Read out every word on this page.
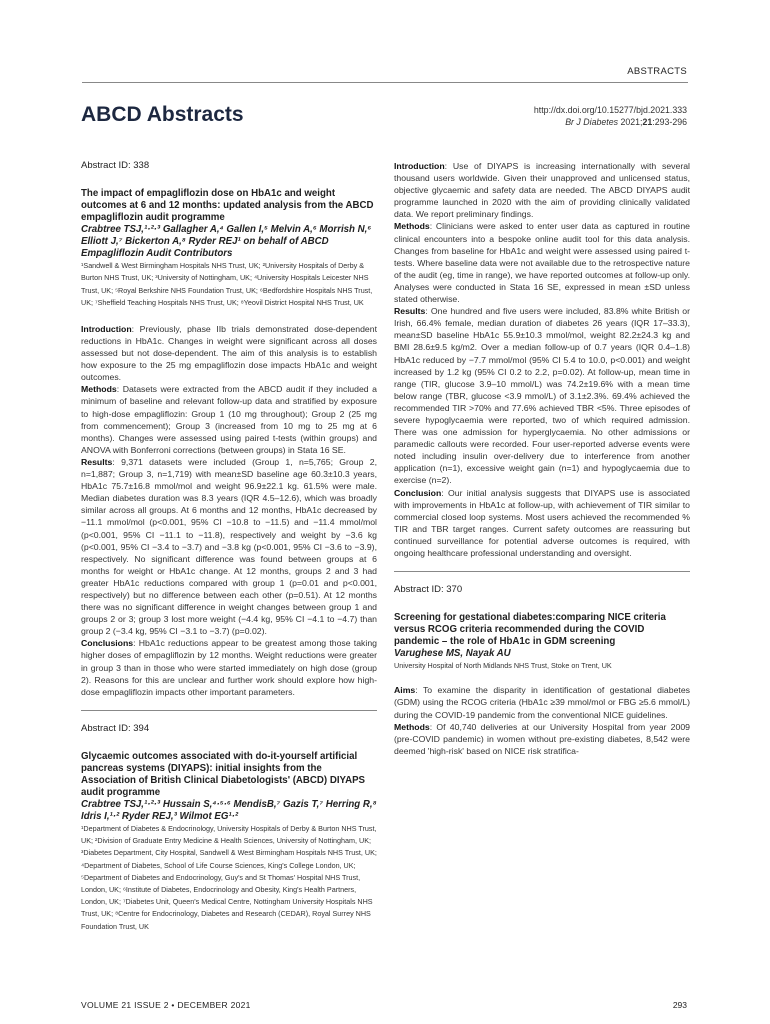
ABSTRACTS
ABCD Abstracts	http://dx.doi.org/10.15277/bjd.2021.333
Br J Diabetes 2021;21:293-296

Abstract ID: 338

The impact of empagliflozin dose on HbA1c and weight outcomes at 6 and 12 months: updated analysis from the ABCD empagliflozin audit programme

Crabtree TSJ,¹·²·³ Gallagher A,⁴ Gallen I,⁵ Melvin A,⁶ Morrish N,⁶ Elliott J,⁷ Bickerton A,⁸ Ryder REJ¹ on behalf of ABCD Empagliflozin Audit Contributors

¹Sandwell & West Birmingham Hospitals NHS Trust, UK; ²University Hospitals of Derby & Burton NHS Trust, UK; ³University of Nottingham, UK; ⁴University Hospitals Leicester NHS Trust, UK; ⁵Royal Berkshire NHS Foundation Trust, UK; ⁶Bedfordshire Hospitals NHS Trust, UK; ⁷Sheffield Teaching Hospitals NHS Trust, UK; ⁸Yeovil District Hospital NHS Trust, UK

Introduction: Previously, phase IIb trials demonstrated dose-dependent reductions in HbA1c. Changes in weight were significant across all doses assessed but not dose-dependent. The aim of this analysis is to establish how exposure to the 25 mg empagliflozin dose impacts HbA1c and weight outcomes.

Methods: Datasets were extracted from the ABCD audit if they included a minimum of baseline and relevant follow-up data and stratified by exposure to high-dose empagliflozin: Group 1 (10 mg throughout); Group 2 (25 mg from commencement); Group 3 (increased from 10 mg to 25 mg at 6 months). Changes were assessed using paired t-tests (within groups) and ANOVA with Bonferroni corrections (between groups) in Stata 16 SE.

Results: 9,371 datasets were included (Group 1, n=5,765; Group 2, n=1,887; Group 3, n=1,719) with mean±SD baseline age 60.3±10.3 years, HbA1c 75.7±16.8 mmol/mol and weight 96.9±22.1 kg. 61.5% were male. Median diabetes duration was 8.3 years (IQR 4.5–12.6), which was broadly similar across all groups. At 6 months and 12 months, HbA1c decreased by −11.1 mmol/mol (p<0.001, 95% CI −10.8 to −11.5) and −11.4 mmol/mol (p<0.001, 95% CI −11.1 to −11.8), respectively and weight by −3.6 kg (p<0.001, 95% CI −3.4 to −3.7) and −3.8 kg (p<0.001, 95% CI −3.6 to −3.9), respectively. No significant difference was found between groups at 6 months for weight or HbA1c change. At 12 months, groups 2 and 3 had greater HbA1c reductions compared with group 1 (p=0.01 and p<0.001, respectively) but no difference between each other (p=0.51). At 12 months there was no significant difference in weight changes between group 1 and groups 2 or 3; group 3 lost more weight (−4.4 kg, 95% CI −4.1 to −4.7) than group 2 (−3.4 kg, 95% CI −3.1 to −3.7) (p=0.02).

Conclusions: HbA1c reductions appear to be greatest among those taking higher doses of empagliflozin by 12 months. Weight reductions were greater in group 3 than in those who were started immediately on high dose (group 2). Reasons for this are unclear and further work should explore how high-dose empagliflozin impacts other important parameters.

Abstract ID: 394

Glycaemic outcomes associated with do-it-yourself artificial pancreas systems (DIYAPS): initial insights from the Association of British Clinical Diabetologists' (ABCD) DIYAPS audit programme

Crabtree TSJ,¹·²·³ Hussain S,⁴·⁵·⁶ MendisB,⁷ Gazis T,⁷ Herring R,⁸ Idris I,¹·² Ryder REJ,³ Wilmot EG¹·²

¹Department of Diabetes & Endocrinology, University Hospitals of Derby & Burton NHS Trust, UK; ²Division of Graduate Entry Medicine & Health Sciences, University of Nottingham, UK; ³Diabetes Department, City Hospital, Sandwell & West Birmingham Hospitals NHS Trust, UK; ⁴Department of Diabetes, School of Life Course Sciences, King's College London, UK; ⁵Department of Diabetes and Endocrinology, Guy's and St Thomas' Hospital NHS Trust, London, UK; ⁶Institute of Diabetes, Endocrinology and Obesity, King's Health Partners, London, UK; ⁷Diabetes Unit, Queen's Medical Centre, Nottingham University Hospitals NHS Trust, UK; ⁸Centre for Endocrinology, Diabetes and Research (CEDAR), Royal Surrey NHS Foundation Trust, UK

Introduction: Use of DIYAPS is increasing internationally with several thousand users worldwide. Given their unapproved and unlicensed status, objective glycaemic and safety data are needed. The ABCD DIYAPS audit programme launched in 2020 with the aim of providing clinically validated data. We report preliminary findings.

Methods: Clinicians were asked to enter user data as captured in routine clinical encounters into a bespoke online audit tool for this data analysis. Changes from baseline for HbA1c and weight were assessed using paired t-tests. Where baseline data were not available due to the retrospective nature of the audit (eg, time in range), we have reported outcomes at follow-up only. Analyses were conducted in Stata 16 SE, expressed in mean ±SD unless stated otherwise.

Results: One hundred and five users were included, 83.8% white British or Irish, 66.4% female, median duration of diabetes 26 years (IQR 17–33.3), mean±SD baseline HbA1c 55.9±10.3 mmol/mol, weight 82.2±24.3 kg and BMI 28.6±9.5 kg/m2. Over a median follow-up of 0.7 years (IQR 0.4–1.8) HbA1c reduced by −7.7 mmol/mol (95% CI 5.4 to 10.0, p<0.001) and weight increased by 1.2 kg (95% CI 0.2 to 2.2, p=0.02). At follow-up, mean time in range (TIR, glucose 3.9–10 mmol/L) was 74.2±19.6% with a mean time below range (TBR, glucose <3.9 mmol/L) of 3.1±2.3%. 69.4% achieved the recommended TIR >70% and 77.6% achieved TBR <5%. Three episodes of severe hypoglycaemia were reported, two of which required admission. There was one admission for hyperglycaemia. No other admissions or paramedic callouts were recorded. Four user-reported adverse events were noted including insulin over-delivery due to interference from another application (n=1), excessive weight gain (n=1) and hypoglycaemia due to exercise (n=2).

Conclusion: Our initial analysis suggests that DIYAPS use is associated with improvements in HbA1c at follow-up, with achievement of TIR similar to commercial closed loop systems. Most users achieved the recommended % TIR and TBR target ranges. Current safety outcomes are reassuring but continued surveillance for potential adverse outcomes is required, with ongoing healthcare professional understanding and oversight.

Abstract ID: 370

Screening for gestational diabetes:comparing NICE criteria versus RCOG criteria recommended during the COVID pandemic – the role of HbA1c in GDM screening

Varughese MS, Nayak AU

University Hospital of North Midlands NHS Trust, Stoke on Trent, UK

Aims: To examine the disparity in identification of gestational diabetes (GDM) using the RCOG criteria (HbA1c ≥39 mmol/mol or FBG ≥5.6 mmol/L) during the COVID-19 pandemic from the conventional NICE guidelines.

Methods: Of 40,740 deliveries at our University Hospital from year 2009 (pre-COVID pandemic) in women without pre-existing diabetes, 8,542 were deemed 'high-risk' based on NICE risk stratifica-

VOLUME 21 ISSUE 2 • DECEMBER 2021	293
